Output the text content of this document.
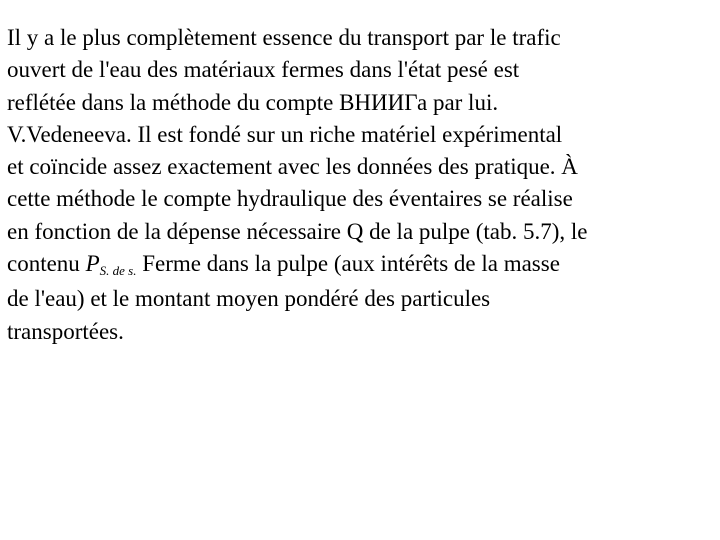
Il y a le plus complètement essence du transport par le trafic
ouvert de l'eau des matériaux fermes dans l'état pesé est
reflétée dans la méthode du compte ВНИИГа par lui.
V.Vedeneeva. Il est fondé sur un riche matériel expérimental
et coïncide assez exactement avec les données des pratique. À
cette méthode le compte hydraulique des éventaires se réalise
en fonction de la dépense nécessaire Q de la pulpe (tab. 5.7), le
contenu PS. de s. Ferme dans la pulpe (aux intérêts de la masse
de l'eau) et le montant moyen pondéré des particules
transportées.
